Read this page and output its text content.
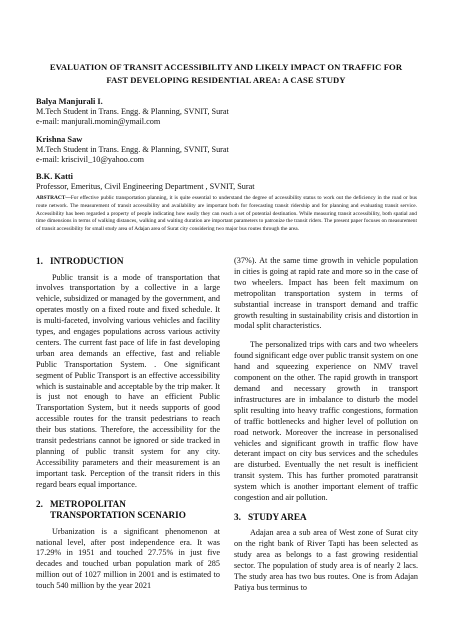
EVALUATION OF TRANSIT ACCESSIBILITY AND LIKELY IMPACT ON TRAFFIC FOR FAST DEVELOPING RESIDENTIAL AREA: A CASE STUDY
Balya Manjurali I.
M.Tech Student in Trans. Engg. & Planning, SVNIT, Surat
e-mail: manjurali.momin@ymail.com
Krishna Saw
M.Tech Student in Trans. Engg. & Planning, SVNIT, Surat
e-mail: kriscivil_10@yahoo.com
B.K. Katti
Professor, Emeritus, Civil Engineering Department , SVNIT, Surat
ABSTRACT—For effective public transportation planning, it is quite essential to understand the degree of accessibility status to work out the deficiency in the road or bus route network. The measurement of transit accessibility and availability are important both for forecasting transit ridership and for planning and evaluating transit service. Accessibility has been regarded a property of people indicating how easily they can reach a set of potential destination. While measuring transit accessibility, both spatial and time dimensions in terms of walking distances, walking and waiting duration are important parameters to patronize the transit riders. The present paper focuses on measurement of transit accessibility for small study area of Adajan area of Surat city considering two major bus routes through the area.
1. INTRODUCTION

Public transit is a mode of transportation that involves transportation by a collective in a large vehicle, subsidized or managed by the government, and operates mostly on a fixed route and fixed schedule. It is multi-faceted, involving various vehicles and facility types, and engages populations across various activity centers. The current fast pace of life in fast developing urban area demands an effective, fast and reliable Public Transportation System. . One significant segment of Public Transport is an effective accessibility which is sustainable and acceptable by the trip maker. It is just not enough to have an efficient Public Transportation System, but it needs supports of good accessible routes for the transit pedestrians to reach their bus stations. Therefore, the accessibility for the transit pedestrians cannot be ignored or side tracked in planning of public transit system for any city. Accessibility parameters and their measurement is an important task. Perception of the transit riders in this regard bears equal importance.

2. METROPOLITAN
TRANSPORTATION SCENARIO

Urbanization is a significant phenomenon at national level, after post independence era. It was 17.29% in 1951 and touched 27.75% in just five decades and touched urban population mark of 285 million out of 1027 million in 2001 and is estimated to touch 540 million by the year 2021

(37%). At the same time growth in vehicle population in cities is going at rapid rate and more so in the case of two wheelers. Impact has been felt maximum on metropolitan transportation system in terms of substantial increase in transport demand and traffic growth resulting in sustainability crisis and distortion in modal split characteristics.

The personalized trips with cars and two wheelers found significant edge over public transit system on one hand and squeezing experience on NMV travel component on the other. The rapid growth in transport demand and necessary growth in transport infrastructures are in imbalance to disturb the model split resulting into heavy traffic congestions, formation of traffic bottlenecks and higher level of pollution on road network. Moreover the increase in personalised vehicles and significant growth in traffic flow have deterant impact on city bus services and the schedules are disturbed. Eventually the net result is inefficient transit system. This has further promoted paratransit system which is another important element of traffic congestion and air pollution.

3. STUDY AREA

Adajan area a sub area of West zone of Surat city on the right bank of River Tapti has been selected as study area as belongs to a fast growing residential sector. The population of study area is of nearly 2 lacs. The study area has two bus routes. One is from Adajan Patiya bus terminus to
